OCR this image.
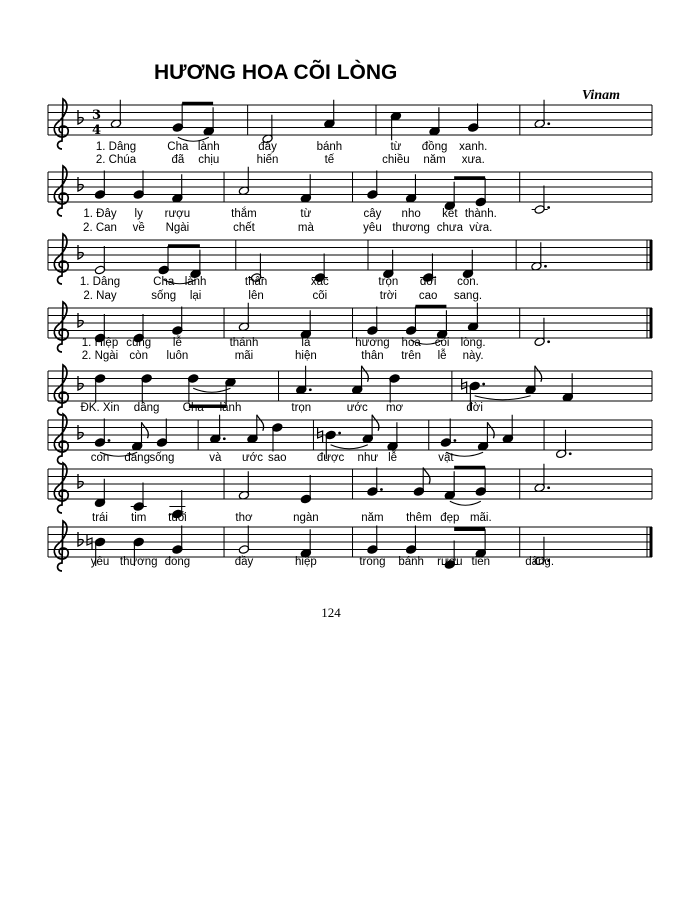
HƯƠNG HOA CÕI LÒNG
Vinam
3
4
1. Dâng	Cha lành	đây	bánh	từ đồng xanh.
2. Chúa	đã chịu	hiến	tế	chiều năm xưa.
1. Đây ly rượu	thắm	từ	cây nho kết thành.
2. Can về Ngài	chết	mà	yêu thương chưa vừa.
1. Dâng	Cha lành	thân	xác	trọn đời con.
2. Nay	sống lại	lên	cõi	trời cao sang.
1. Hiệp cùng lễ	thánh	là	hương hoa cõi lòng.
2. Ngài còn luôn	mãi	hiện	thân trên lễ này.
ĐK. Xin dâng Cha lành	trọn	ước mơ	đời
con đang sống	và ước sao	được như lễ	vật
trái tim tuổi	thơ	ngàn	năm thêm đẹp mãi.
yêu thương đong	đầy	hiệp	trong bánh rượu tiến	dâng.
124
